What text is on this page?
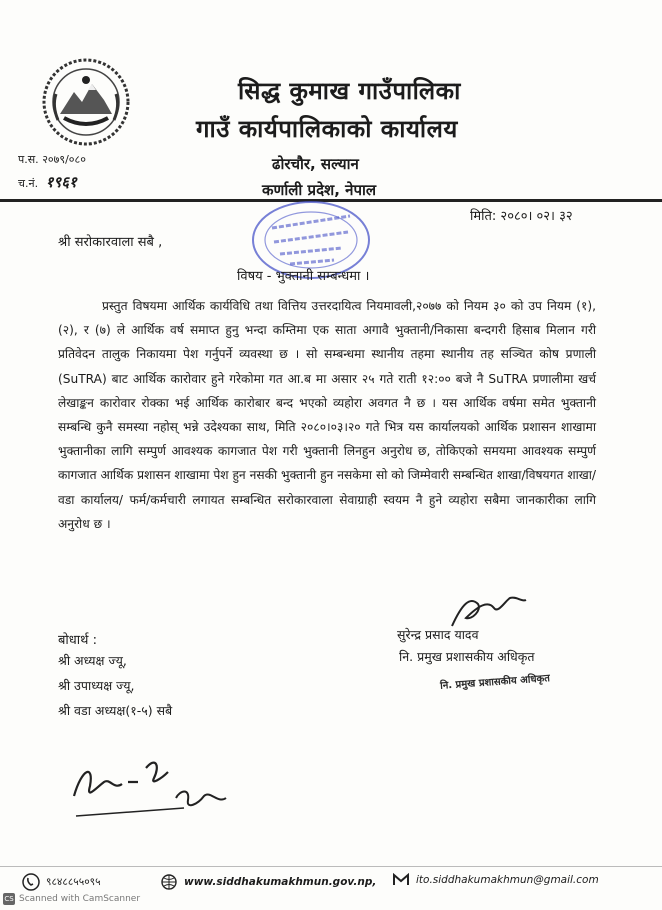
सिद्ध कुमाख गाउँपालिका
गाउँ कार्यपालिकाको कार्यालय
ढोरचौर, सल्यान
कर्णाली प्रदेश, नेपाल
प.स. २०७९/०८०
च.नं. १९६१
मिति: २०८०। ०२। ३२
श्री सरोकारवाला सबै ,
विषय - भुक्तानी सम्बन्धमा ।

प्रस्तुत विषयमा आर्थिक कार्यविधि तथा वित्तिय उत्तरदायित्व नियमावली,२०७७ को नियम ३० को उप नियम (१),(२), र (७) ले आर्थिक वर्ष समाप्त हुनु भन्दा कम्तिमा एक साता अगावै भुक्तानी/निकासा बन्दगरी हिसाब मिलान गरी प्रतिवेदन तालुक निकायमा पेश गर्नुपर्ने व्यवस्था छ । सो सम्बन्धमा स्थानीय तहमा स्थानीय तह सञ्चित कोष प्रणाली (SuTRA) बाट आर्थिक कारोवार हुने गरेकोमा गत आ.ब मा असार २५ गते राती १२:०० बजे नै SuTRA प्रणालीमा खर्च लेखाङ्कन कारोवार रोक्का भई आर्थिक कारोबार बन्द भएको व्यहोरा अवगत नै छ । यस आर्थिक वर्षमा समेत भुक्तानी सम्बन्धि कुनै समस्या नहोस् भन्ने उदेश्यका साथ, मिति २०८०।०३।२० गते भित्र यस कार्यालयको आर्थिक प्रशासन शाखामा भुक्तानीका लागि सम्पुर्ण आवश्यक कागजात पेश गरी भुक्तानी लिनहुन अनुरोध छ, तोकिएको समयमा आवश्यक सम्पुर्ण कागजात आर्थिक प्रशासन शाखामा पेश हुन नसकी भुक्तानी हुन नसकेमा सो को जिम्मेवारी सम्बन्धित शाखा/विषयगत शाखा/वडा कार्यालय/ फर्म/कर्मचारी लगायत सम्बन्धित सरोकारवाला सेवाग्राही स्वयम नै हुने व्यहोरा सबैमा जानकारीका लागि अनुरोध छ ।

सुरेन्द्र प्रसाद यादव
नि. प्रमुख प्रशासकीय अधिकृत
नि. प्रमुख प्रशासकीय अधिकृत
बोधार्थ :
श्री अध्यक्ष ज्यू,
श्री उपाध्यक्ष ज्यू,
श्री वडा अध्यक्ष(१-५) सबै
९८४८८५५०९५	www.siddhakumakhmun.gov.np,	ito.siddhakumakhmun@gmail.com
CS Scanned with CamScanner
